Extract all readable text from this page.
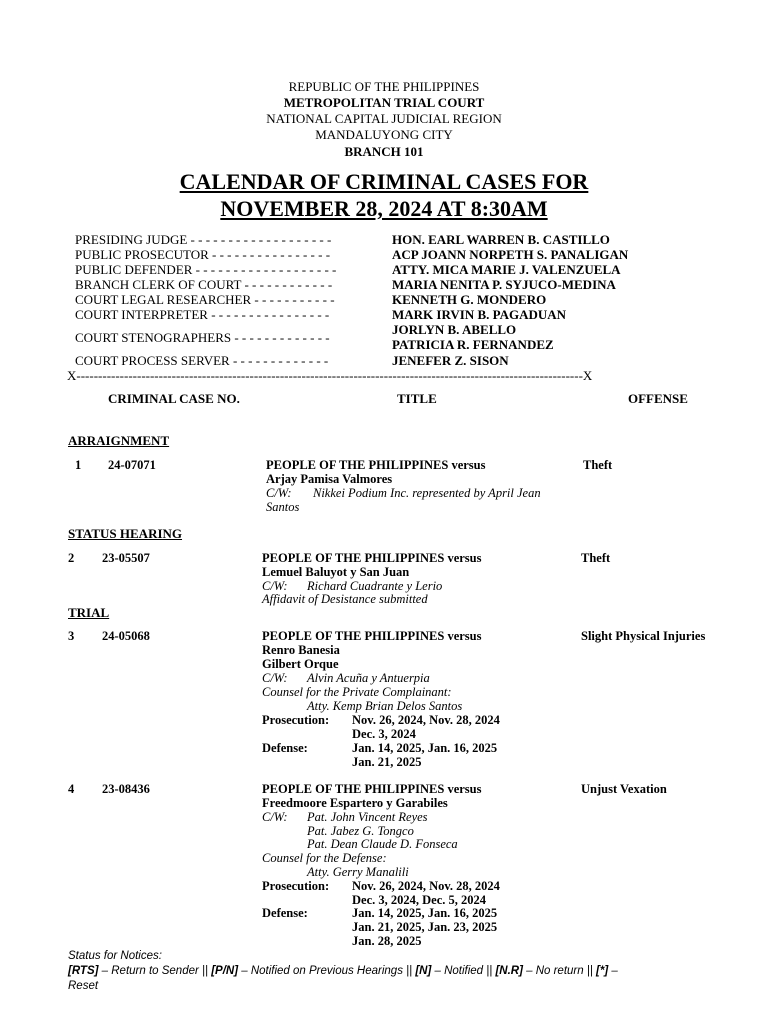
REPUBLIC OF THE PHILIPPINES
METROPOLITAN TRIAL COURT
NATIONAL CAPITAL JUDICIAL REGION
MANDALUYONG CITY
BRANCH 101
CALENDAR OF CRIMINAL CASES FOR
NOVEMBER 28, 2024 AT 8:30AM
PRESIDING JUDGE - - - - - - - - - - - - - - - - - - -	HON. EARL WARREN B. CASTILLO
PUBLIC PROSECUTOR - - - - - - - - - - - - - - - -	ACP JOANN NORPETH S. PANALIGAN
PUBLIC DEFENDER - - - - - - - - - - - - - - - - - - -	ATTY. MICA MARIE J. VALENZUELA
BRANCH CLERK OF COURT - - - - - - - - - - - -	MARIA NENITA P. SYJUCO-MEDINA
COURT LEGAL RESEARCHER - - - - - - - - - - -	KENNETH G. MONDERO
COURT INTERPRETER - - - - - - - - - - - - - - - -	MARK IRVIN B. PAGADUAN
COURT STENOGRAPHERS - - - - - - - - - - - - -
JORLYN B. ABELLO
PATRICIA R. FERNANDEZ
COURT PROCESS SERVER - - - - - - - - - - - - -	JENEFER Z. SISON
X---------------------------------------------------------------------------------------------------------------------X
CRIMINAL CASE NO.	TITLE	OFFENSE
ARRAIGNMENT
1 24-07071	PEOPLE OF THE PHILIPPINES versus	Theft
Arjay Pamisa Valmores
C/W: Nikkei Podium Inc. represented by April Jean
Santos
STATUS HEARING
2 23-05507	PEOPLE OF THE PHILIPPINES versus	Theft
Lemuel Baluyot y San Juan
C/W: Richard Cuadrante y Lerio
Affidavit of Desistance submitted
TRIAL
3 24-05068	PEOPLE OF THE PHILIPPINES versus	Slight Physical Injuries
Renro Banesia
Gilbert Orque
C/W: Alvin Acuña y Antuerpia
Counsel for the Private Complainant:
Atty. Kemp Brian Delos Santos
Prosecution: Nov. 26, 2024, Nov. 28, 2024
Dec. 3, 2024
Defense:	Jan. 14, 2025, Jan. 16, 2025
Jan. 21, 2025
4 23-08436	PEOPLE OF THE PHILIPPINES versus	Unjust Vexation
Freedmoore Espartero y Garabiles
C/W: Pat. John Vincent Reyes
Pat. Jabez G. Tongco
Pat. Dean Claude D. Fonseca
Counsel for the Defense:
Atty. Gerry Manalili
Prosecution: Nov. 26, 2024, Nov. 28, 2024
Dec. 3, 2024, Dec. 5, 2024
Defense:	Jan. 14, 2025, Jan. 16, 2025
Jan. 21, 2025, Jan. 23, 2025
Jan. 28, 2025
Status for Notices:
[RTS] – Return to Sender || [P/N] – Notified on Previous Hearings || [N] – Notified || [N.R] – No return || [*] –
Reset
